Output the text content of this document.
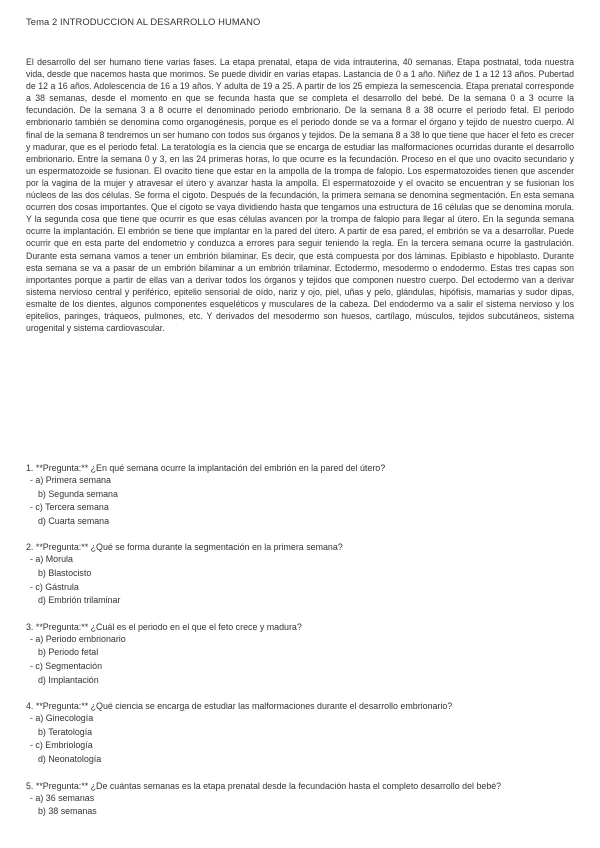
Tema 2 INTRODUCCION AL DESARROLLO HUMANO

El desarrollo del ser humano tiene varias fases. La etapa prenatal, etapa de vida intrauterina, 40 semanas. Etapa postnatal, toda nuestra vida, desde que nacemos hasta que morimos. Se puede dividir en varias etapas. Lastancia de 0 a 1 año. Niñez de 1 a 12 13 años. Pubertad de 12 a 16 años. Adolescencia de 16 a 19 años. Y adulta de 19 a 25. A partir de los 25 empieza la semescencia. Etapa prenatal corresponde a 38 semanas, desde el momento en que se fecunda hasta que se completa el desarrollo del bebé. De la semana 0 a 3 ocurre la fecundación. De la semana 3 a 8 ocurre el denominado periodo embrionario. De la semana 8 a 38 ocurre el periodo fetal. El periodo embrionario también se denomina como organogénesis, porque es el periodo donde se va a formar el órgano y tejido de nuestro cuerpo. Al final de la semana 8 tendremos un ser humano con todos sus órganos y tejidos. De la semana 8 a 38 lo que tiene que hacer el feto es crecer y madurar, que es el periodo fetal. La teratología es la ciencia que se encarga de estudiar las malformaciones ocurridas durante el desarrollo embrionario. Entre la semana 0 y 3, en las 24 primeras horas, lo que ocurre es la fecundación. Proceso en el que uno ovacito secundario y un espermatozoide se fusionan. El ovacito tiene que estar en la ampolla de la trompa de falopio. Los espermatozoides tienen que ascender por la vagina de la mujer y atravesar el útero y avanzar hasta la ampolla. El espermatozoide y el ovacito se encuentran y se fusionan los núcleos de las dos células. Se forma el cigoto. Después de la fecundación, la primera semana se denomina segmentación. En esta semana ocurren dos cosas importantes. Que el cigoto se vaya dividiendo hasta que tengamos una estructura de 16 células que se denomina morula. Y la segunda cosa que tiene que ocurrir es que esas células avancen por la trompa de falopio para llegar al útero. En la segunda semana ocurre la implantación. El embrión se tiene que implantar en la pared del útero. A partir de esa pared, el embrión se va a desarrollar. Puede ocurrir que en esta parte del endometrio y conduzca a errores para seguir teniendo la regla. En la tercera semana ocurre la gastrulación. Durante esta semana vamos a tener un embrión bilaminar. Es decir, que está compuesta por dos láminas. Epiblasto e hipoblasto. Durante esta semana se va a pasar de un embrión bilaminar a un embrión trilaminar. Ectodermo, mesodermo o endodermo. Estas tres capas son importantes porque a partir de ellas van a derivar todos los órganos y tejidos que componen nuestro cuerpo. Del ectodermo van a derivar sistema nervioso central y periférico, epitelio sensorial de oído, nariz y ojo, piel, uñas y pelo, glándulas, hipófisis, mamarias y sudor dipas, esmalte de los dientes, algunos componentes esqueléticos y musculares de la cabeza. Del endodermo va a salir el sistema nervioso y los epitelios, paringes, tráqueos, pulmones, etc. Y derivados del mesodermo son huesos, cartílago, músculos, tejidos subcutáneos, sistema urogenital y sistema cardiovascular.

1. **Pregunta:** ¿En qué semana ocurre la implantación del embrión en la pared del útero?

- a) Primera semana
b) Segunda semana
- c) Tercera semana
d) Cuarta semana

2. **Pregunta:** ¿Qué se forma durante la segmentación en la primera semana?

- a) Morula
b) Blastocisto
- c) Gástrula
d) Embrión trilaminar

3. **Pregunta:** ¿Cuál es el periodo en el que el feto crece y madura?

- a) Periodo embrionario
b) Periodo fetal
- c) Segmentación
d) Implantación

4. **Pregunta:** ¿Qué ciencia se encarga de estudiar las malformaciones durante el desarrollo embrionario?

- a) Ginecología
b) Teratología
- c) Embriología
d) Neonatología

5. **Pregunta:** ¿De cuántas semanas es la etapa prenatal desde la fecundación hasta el completo desarrollo del bebé?

- a) 36 semanas
b) 38 semanas
